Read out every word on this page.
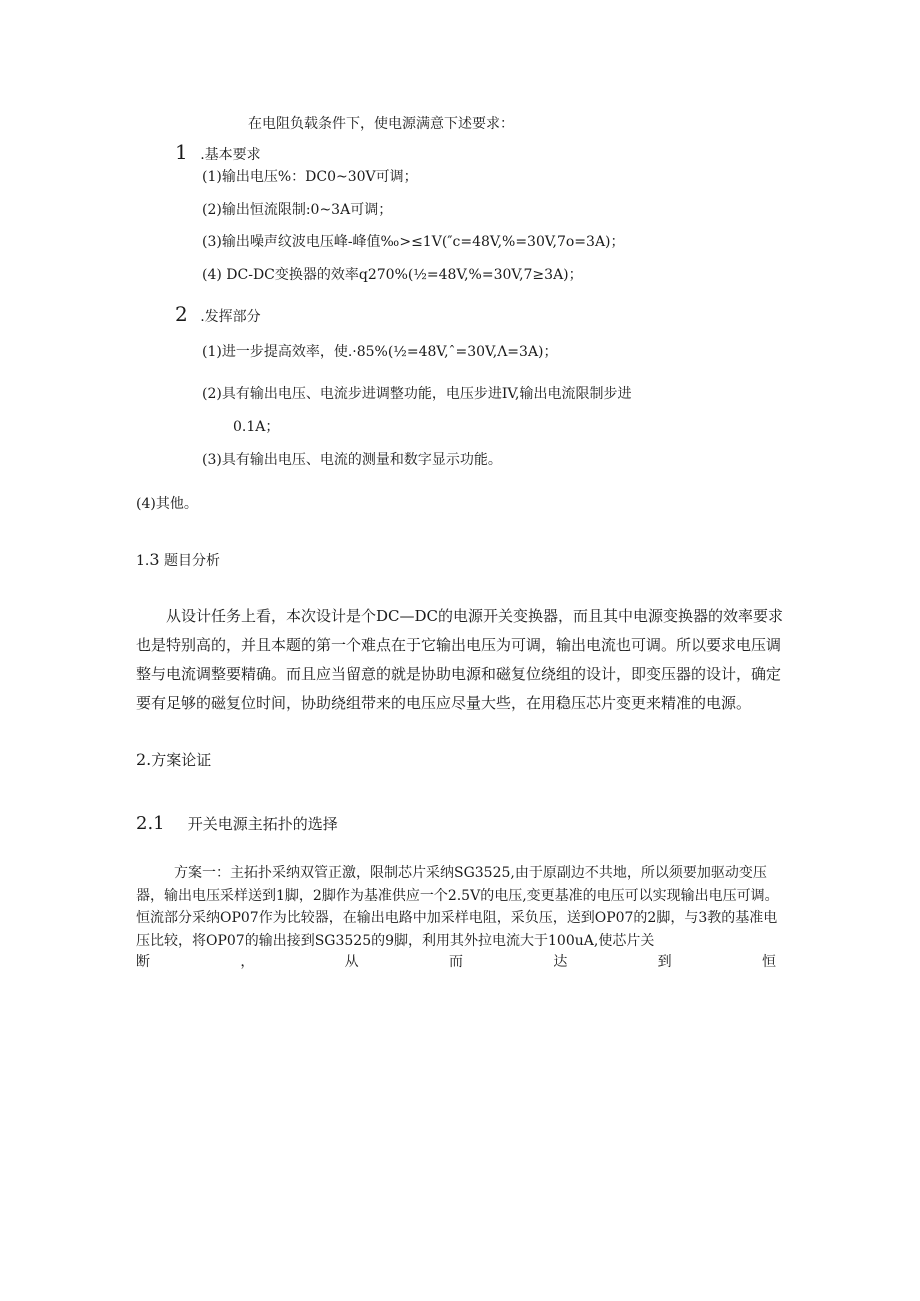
在电阻负载条件下，使电源满意下述要求：
1 .基本要求
(1)输出电压%：DC0~30V可调；
(2)输出恒流限制:0~3A可调；
(3)输出噪声纹波电压峰-峰值‰>≤1V(″c=48V,%=30V,7o=3A)；
(4) DC-DC变换器的效率q270%(½=48V,%=30V,7≥3A)；
2 .发挥部分
(1)进一步提高效率，使.·85%(½=48V,ˆ=30V,Λ=3A)；
(2)具有输出电压、电流步进调整功能，电压步进IV,输出电流限制步进
0.1A；
(3)具有输出电压、电流的测量和数字显示功能。
(4)其他。
1.3 题目分析
从设计任务上看，本次设计是个DC—DC的电源开关变换器，而且其中电源变换器的效率要求也是特别高的，并且本题的第一个难点在于它输出电压为可调，输出电流也可调。所以要求电压调整与电流调整要精确。而且应当留意的就是协助电源和磁复位绕组的设计，即变压器的设计，确定要有足够的磁复位时间，协助绕组带来的电压应尽量大些，在用稳压芯片变更来精准的电源。
2.方案论证
2.1 开关电源主拓扑的选择
方案一：主拓扑采纳双管正激，限制芯片采纳SG3525,由于原副边不共地，所以须要加驱动变压器，输出电压采样送到1脚，2脚作为基准供应一个2.5V的电压,变更基准的电压可以实现输出电压可调。恒流部分采纳OP07作为比较器，在输出电路中加采样电阻，采负压，送到OP07的2脚，与3教的基准电压比较，将OP07的输出接到SG3525的9脚，利用其外拉电流大于100uA,使芯片关
断	，	从	而	达	到	恒
